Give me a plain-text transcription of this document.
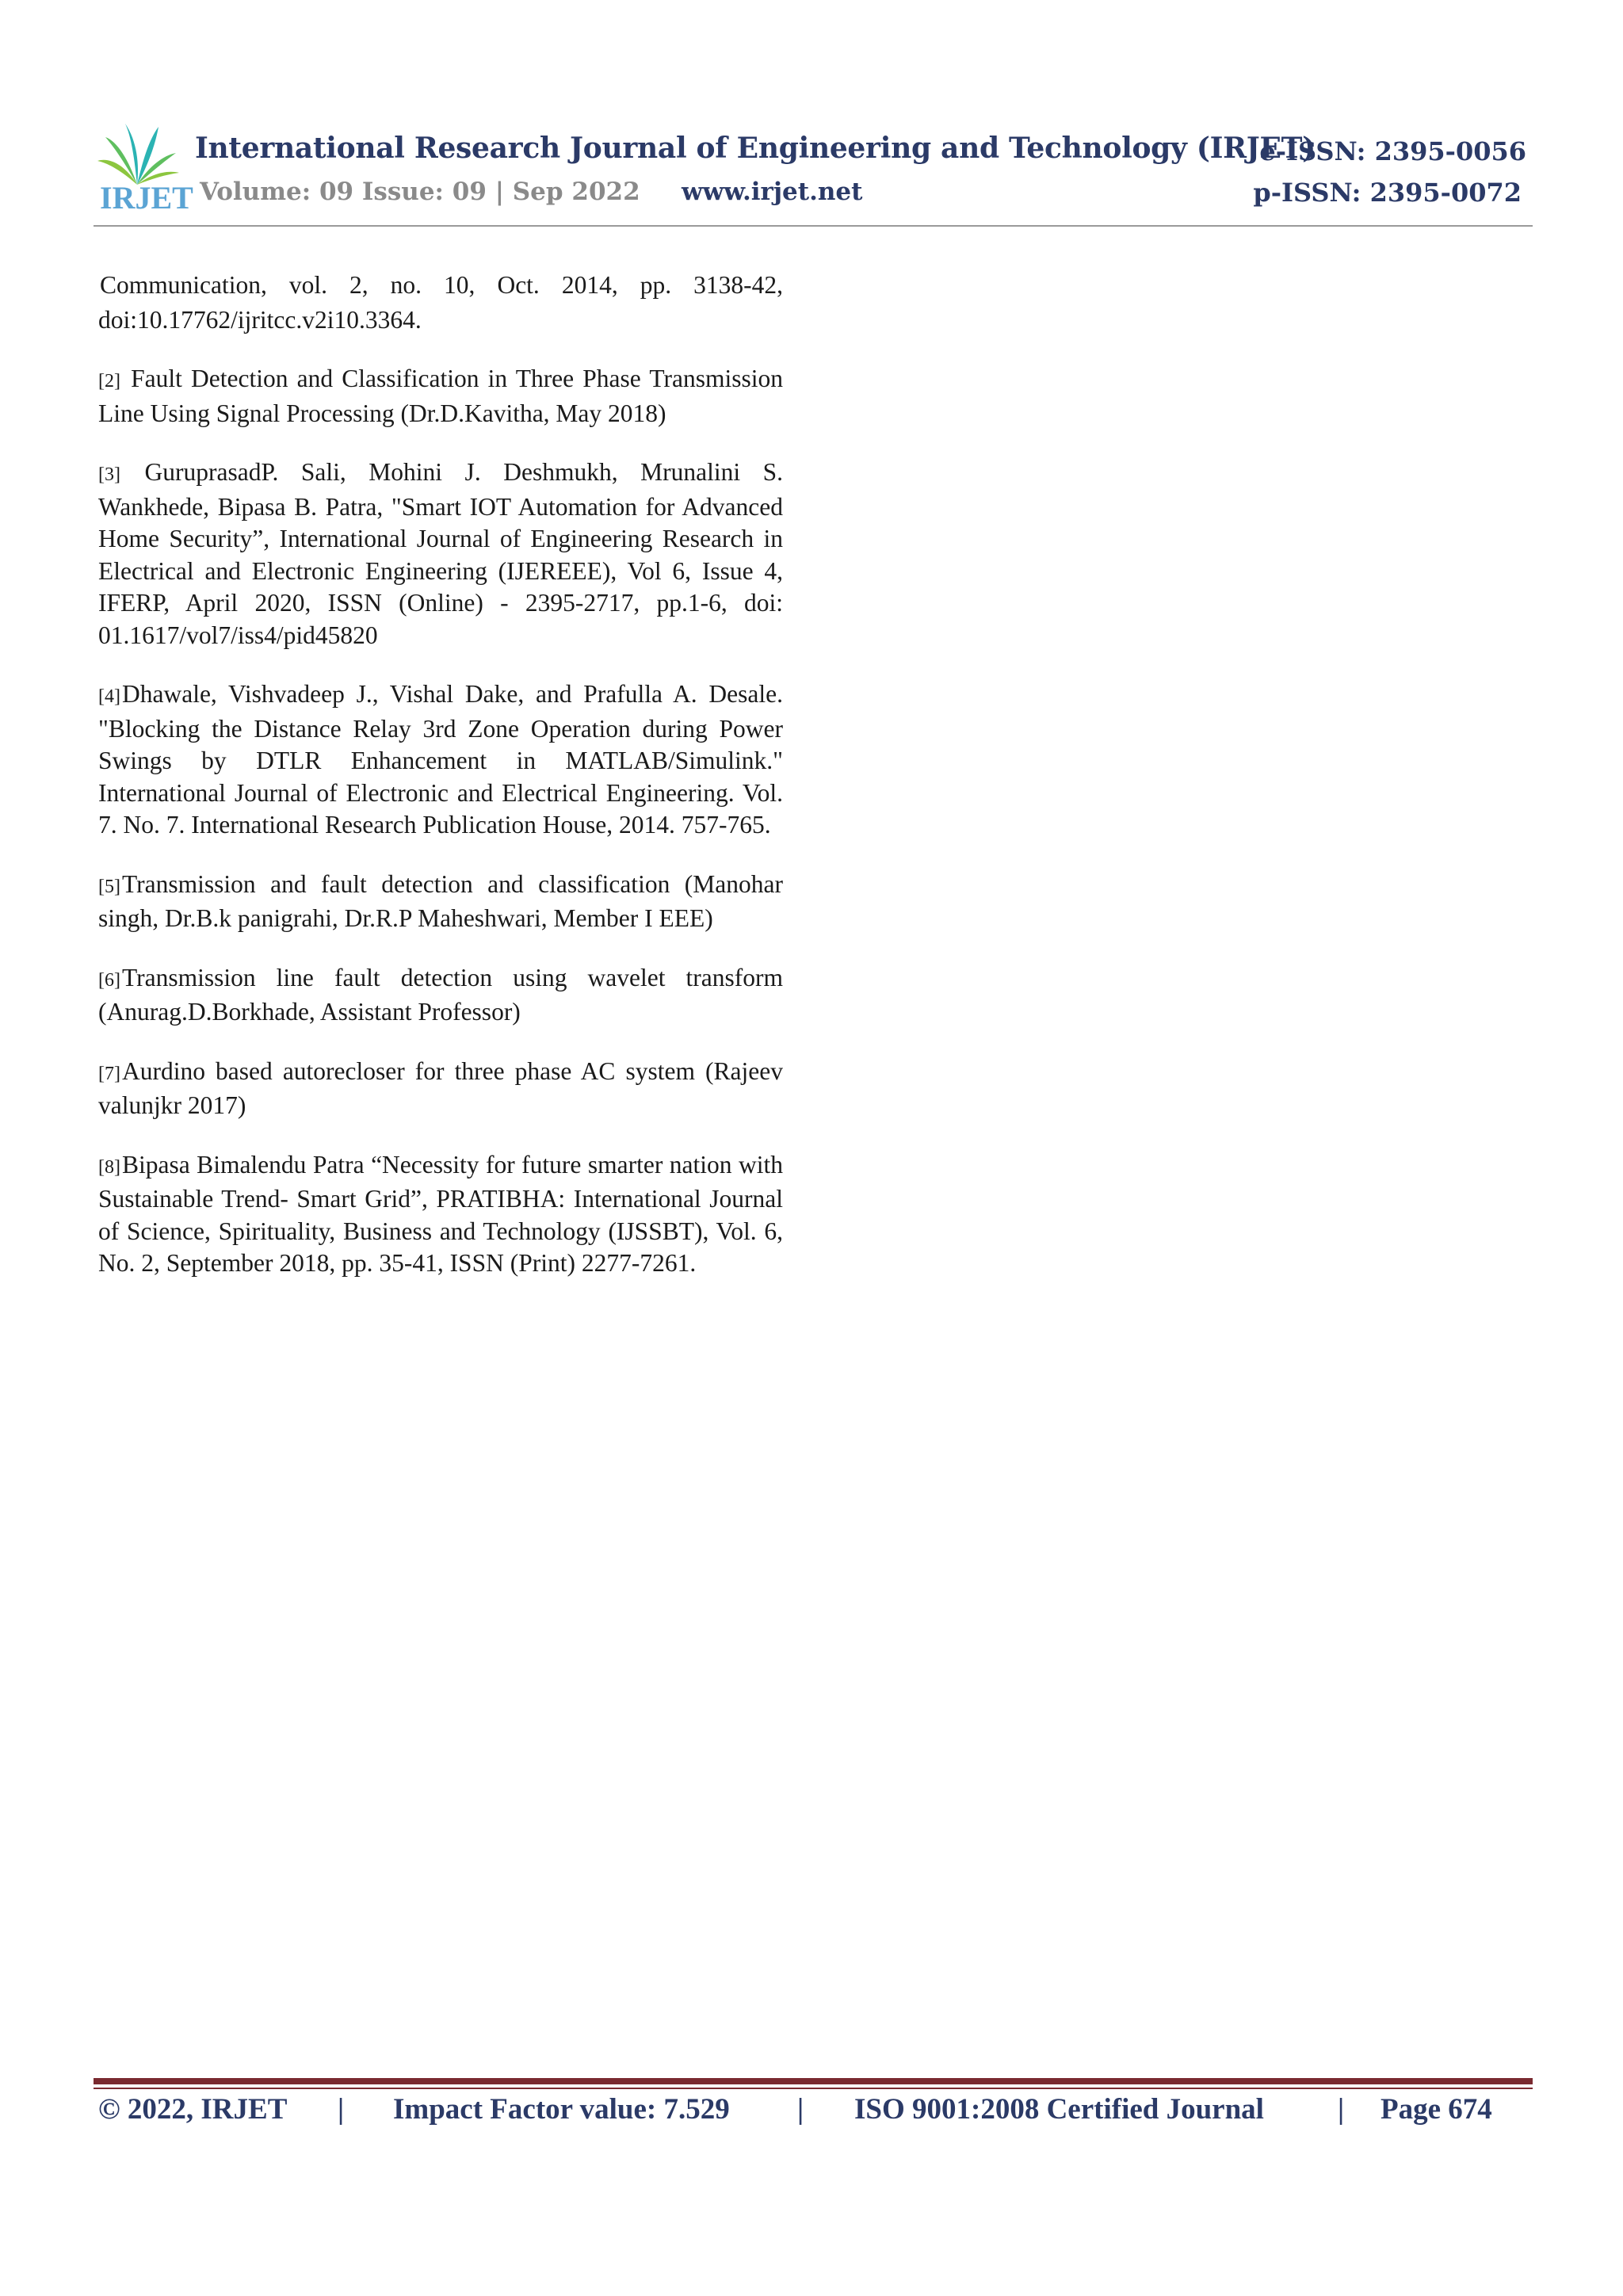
IRJET
International Research Journal of Engineering and Technology (IRJET)
e-ISSN: 2395-0056
Volume: 09 Issue: 09 | Sep 2022 www.irjet.net	p-ISSN: 2395-0072

Communication, vol. 2, no. 10, Oct. 2014, pp. 3138-42, doi:10.17762/ijritcc.v2i10.3364.

[2] Fault Detection and Classification in Three Phase Transmission Line Using Signal Processing (Dr.D.Kavitha, May 2018)

[3] GuruprasadP. Sali, Mohini J. Deshmukh, Mrunalini S. Wankhede, Bipasa B. Patra, "Smart IOT Automation for Advanced Home Security”, International Journal of Engineering Research in Electrical and Electronic Engineering (IJEREEE), Vol 6, Issue 4, IFERP, April 2020, ISSN (Online) - 2395-2717, pp.1-6, doi: 01.1617/vol7/iss4/pid45820

[4]Dhawale, Vishvadeep J., Vishal Dake, and Prafulla A. Desale. "Blocking the Distance Relay 3rd Zone Operation during Power Swings by DTLR Enhancement in MATLAB/Simulink." International Journal of Electronic and Electrical Engineering. Vol. 7. No. 7. International Research Publication House, 2014. 757-765.

[5]Transmission and fault detection and classification (Manohar singh, Dr.B.k panigrahi, Dr.R.P Maheshwari, Member I EEE)

[6]Transmission line fault detection using wavelet transform (Anurag.D.Borkhade, Assistant Professor)

[7]Aurdino based autorecloser for three phase AC system (Rajeev valunjkr 2017)

[8]Bipasa Bimalendu Patra “Necessity for future smarter nation with Sustainable Trend- Smart Grid”, PRATIBHA: International Journal of Science, Spirituality, Business and Technology (IJSSBT), Vol. 6, No. 2, September 2018, pp. 35-41, ISSN (Print) 2277-7261.

© 2022, IRJET | Impact Factor value: 7.529 | ISO 9001:2008 Certified Journal	| Page 674
